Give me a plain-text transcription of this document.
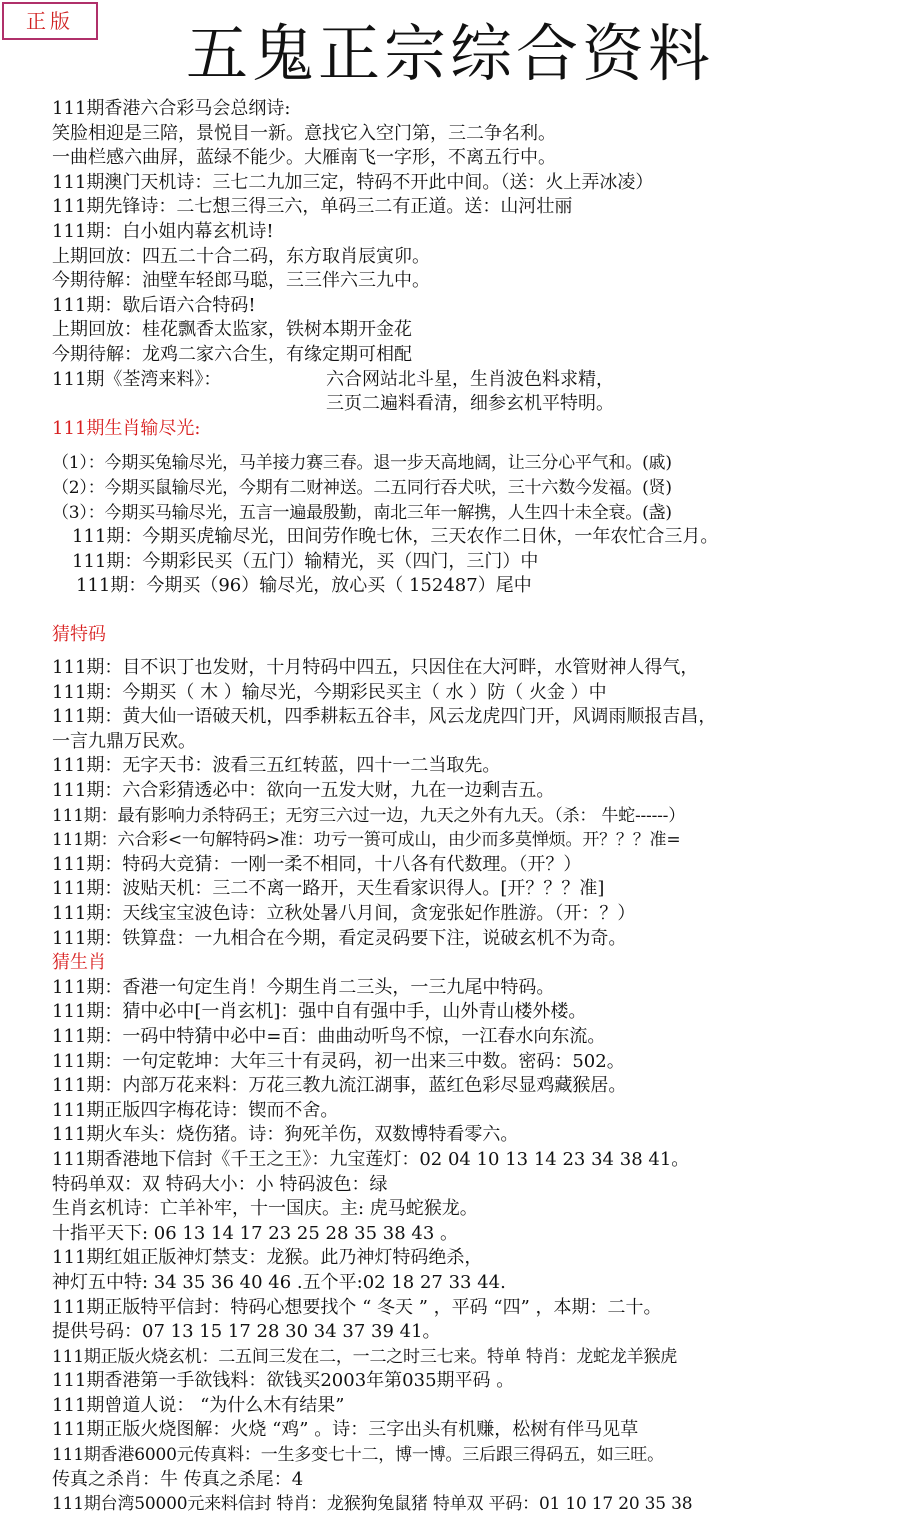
正版	五鬼正宗综合资料
111期香港六合彩马会总纲诗:
笑脸相迎是三陪，景悦目一新。意找它入空门第，三二争名利。
一曲栏感六曲屏，蓝绿不能少。大雁南飞一字形，不离五行中。
111期澳门天机诗：三七二九加三定，特码不开此中间。（送：火上弄冰凌）
111期先锋诗：二七想三得三六，单码三二有正道。送：山河壮丽
111期：白小姐内幕玄机诗!
上期回放：四五二十合二码，东方取肖辰寅卯。
今期待解：油壁车轻郎马聪，三三伴六三九中。
111期：歇后语六合特码!
上期回放：桂花飘香太监家，铁树本期开金花
今期待解：龙鸡二家六合生，有缘定期可相配
111期《荃湾来料》：	六合网站北斗星，生肖波色料求精，
三页二遍料看清，细参玄机平特明。
111期生肖输尽光:
（1）：今期买兔输尽光，马羊接力赛三春。退一步天高地阔，让三分心平气和。(戚)
（2）：今期买鼠输尽光，今期有二财神送。二五同行吞犬吠，三十六数今发福。(贤)
（3）：今期买马输尽光，五言一遍最殷勤，南北三年一解携，人生四十未全衰。(盏)
111期：今期买虎输尽光，田间劳作晚七休，三天农作二日休，一年农忙合三月。
111期：今期彩民买（五门）输精光，买（四门，三门）中
111期：今期买（96）输尽光，放心买（ 152487）尾中
猜特码
111期：目不识丁也发财，十月特码中四五，只因住在大河畔，水管财神人得气，
111期：今期买（ 木 ）输尽光，今期彩民买主（ 水 ）防（ 火金 ）中
111期：黄大仙一语破天机，四季耕耘五谷丰，风云龙虎四门开，风调雨顺报吉昌，
一言九鼎万民欢。
111期：无字天书：波看三五红转蓝，四十一二当取先。
111期：六合彩猜透必中：欲向一五发大财，九在一边剩吉五。
111期：最有影响力杀特码王；无穷三六过一边，九天之外有九天。（杀： 牛蛇------）
111期：六合彩<一句解特码>准：功亏一篑可成山，由少而多莫惮烦。开？？？准=
111期：特码大竞猜：一刚一柔不相同，十八各有代数理。（开？）
111期：波贴天机：三二不离一路开，天生看家识得人。[开？？？准]
111期：天线宝宝波色诗：立秋处暑八月间，贪宠张妃作胜游。（开：？）
111期：铁算盘：一九相合在今期，看定灵码要下注，说破玄机不为奇。
猜生肖
111期：香港一句定生肖！今期生肖二三头，一三九尾中特码。
111期：猜中必中[一肖玄机]：强中自有强中手，山外青山楼外楼。
111期：一码中特猜中必中=百：曲曲动听鸟不惊，一江春水向东流。
111期：一句定乾坤：大年三十有灵码，初一出来三中数。密码：502。
111期：内部万花来料：万花三教九流江湖事，蓝红色彩尽显鸡藏猴居。
111期正版四字梅花诗：锲而不舍。
111期火车头：烧伤猪。诗：狗死羊伤，双数博特看零六。
111期香港地下信封《千王之王》：九宝莲灯：02 04 10 13 14 23 34 38 41。
特码单双：双 特码大小：小 特码波色：绿
生肖玄机诗：亡羊补牢，十一国庆。主: 虎马蛇猴龙。
十指平天下: 06 13 14 17 23 25 28 35 38 43 。
111期红姐正版神灯禁支：龙猴。此乃神灯特码绝杀，
神灯五中特: 34 35 36 40 46 .五个平:02 18 27 33 44.
111期正版特平信封：特码心想要找个 “ 冬天 ” ，平码 “四” ，本期：二十。
提供号码：07 13 15 17 28 30 34 37 39 41。
111期正版火烧玄机：二五间三发在二，一二之时三七来。特单 特肖：龙蛇龙羊猴虎
111期香港第一手欲钱料：欲钱买2003年第035期平码 。
111期曾道人说： “为什么木有结果”
111期正版火烧图解：火烧 “鸡” 。诗：三字出头有机赚，松树有伴马见草
111期香港6000元传真料：一生多变七十二，博一博。三后跟三得码五，如三旺。
传真之杀肖：牛 传真之杀尾：4
111期台湾50000元来料信封 特肖：龙猴狗兔鼠猪 特单双 平码：01 10 17 20 35 38
